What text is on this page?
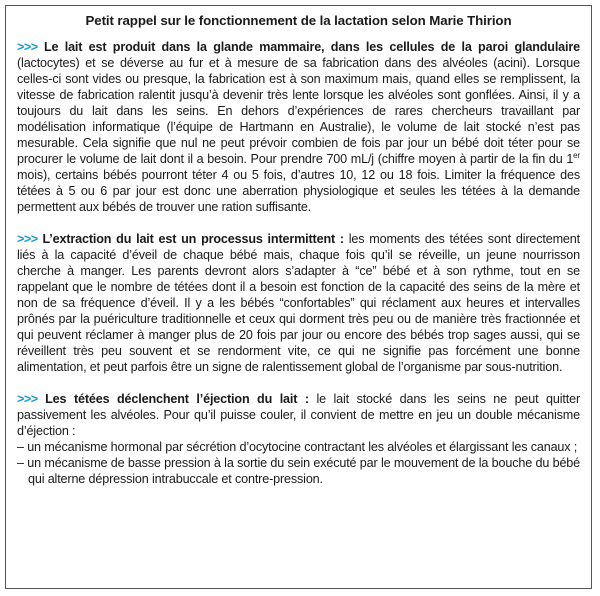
Petit rappel sur le fonctionnement de la lactation selon Marie Thirion

>>> Le lait est produit dans la glande mammaire, dans les cellules de la paroi glandulaire (lactocytes) et se déverse au fur et à mesure de sa fabrication dans des alvéoles (acini). Lorsque celles-ci sont vides ou presque, la fabrication est à son maximum mais, quand elles se remplissent, la vitesse de fabrication ralentit jusqu’à devenir très lente lorsque les alvéoles sont gonflées. Ainsi, il y a toujours du lait dans les seins. En dehors d’expériences de rares chercheurs travaillant par modélisation informatique (l’équipe de Hartmann en Australie), le volume de lait stocké n’est pas mesurable. Cela signifie que nul ne peut prévoir combien de fois par jour un bébé doit téter pour se procurer le volume de lait dont il a besoin. Pour prendre 700 mL/j (chiffre moyen à partir de la fin du 1er mois), certains bébés pourront téter 4 ou 5 fois, d’autres 10, 12 ou 18 fois. Limiter la fréquence des tétées à 5 ou 6 par jour est donc une aberration physiologique et seules les tétées à la demande permettent aux bébés de trouver une ration suffisante.

>>> L’extraction du lait est un processus intermittent : les moments des tétées sont directement liés à la capacité d’éveil de chaque bébé mais, chaque fois qu’il se réveille, un jeune nourrisson cherche à manger. Les parents devront alors s’adapter à “ce” bébé et à son rythme, tout en se rappelant que le nombre de tétées dont il a besoin est fonction de la capacité des seins de la mère et non de sa fréquence d’éveil. Il y a les bébés “confortables” qui réclament aux heures et intervalles prônés par la puériculture traditionnelle et ceux qui dorment très peu ou de manière très fractionnée et qui peuvent réclamer à manger plus de 20 fois par jour ou encore des bébés trop sages aussi, qui se réveillent très peu souvent et se rendorment vite, ce qui ne signifie pas forcément une bonne alimentation, et peut parfois être un signe de ralentissement global de l’organisme par sous-nutrition.

>>> Les tétées déclenchent l’éjection du lait : le lait stocké dans les seins ne peut quitter passivement les alvéoles. Pour qu’il puisse couler, il convient de mettre en jeu un double mécanisme d’éjection :

– un mécanisme hormonal par sécrétion d’ocytocine contractant les alvéoles et élargissant les canaux ;
– un mécanisme de basse pression à la sortie du sein exécuté par le mouvement de la bouche du bébé qui alterne dépression intrabuccale et contre-pression.
